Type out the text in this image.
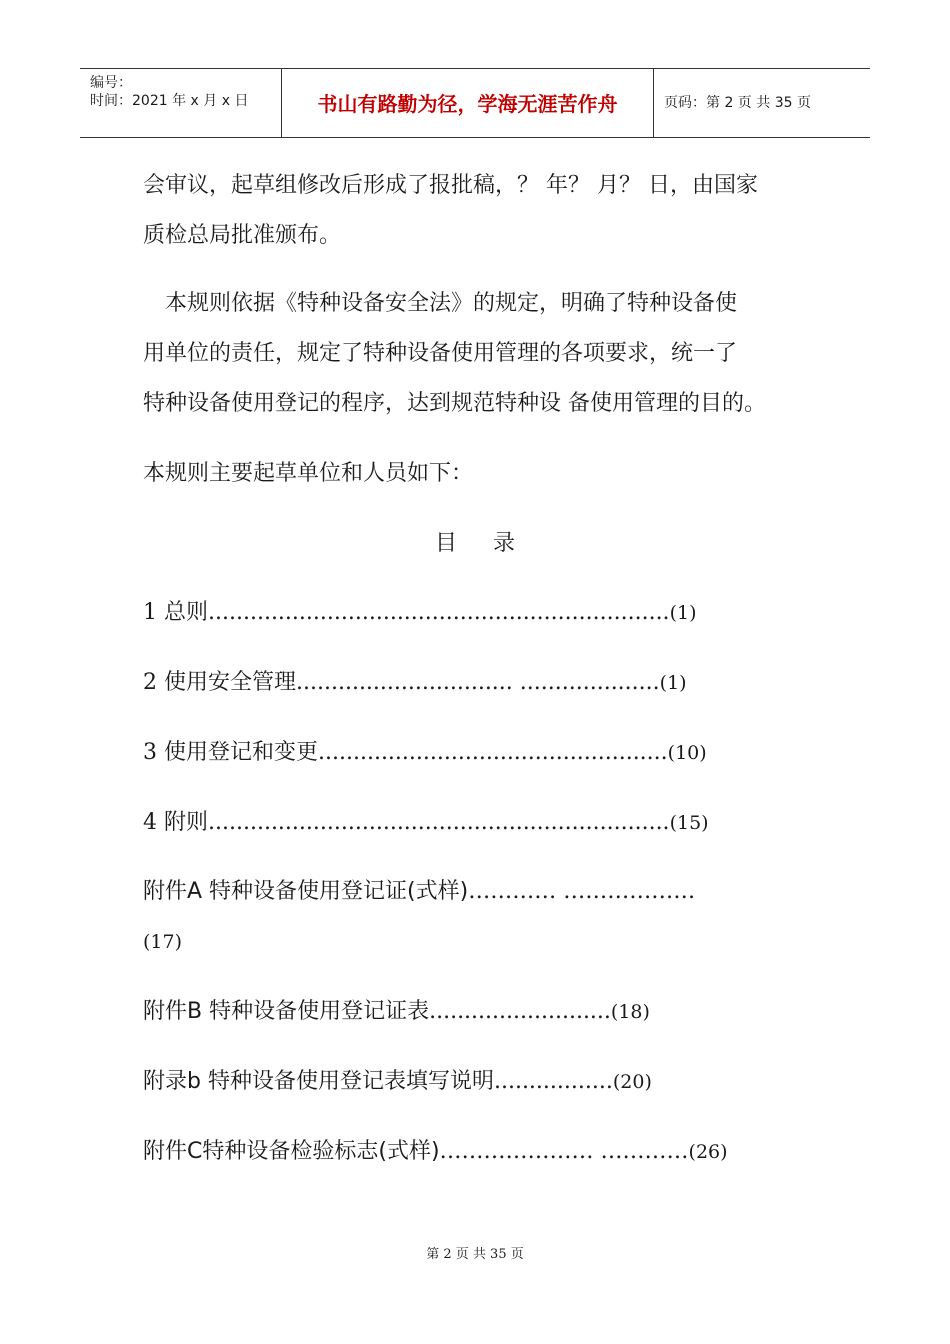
编号：
时间：2021 年 x 月 x 日	书山有路勤为径，学海无涯苦作舟	页码：第 2 页 共 35 页
会审议，起草组修改后形成了报批稿，？ 年？ 月？ 日，由国家
质检总局批准颁布。
　本规则依据《特种设备安全法》的规定，明确了特种设备使
用单位的责任，规定了特种设备使用管理的各项要求，统一了
特种设备使用登记的程序，达到规范特种设 备使用管理的目的。
本规则主要起草单位和人员如下：
目录
1 总则..................................................................(1)
2 使用安全管理............................... ....................(1)
3 使用登记和变更..................................................(10)
4 附则..................................................................(15)
附件A 特种设备使用登记证(式样)………… ………………
(17)
附件B 特种设备使用登记证表..........................(18)
附录b 特种设备使用登记表填写说明.................(20)
附件C特种设备检验标志(式样)………………… …………(26)
第 2 页 共 35 页
